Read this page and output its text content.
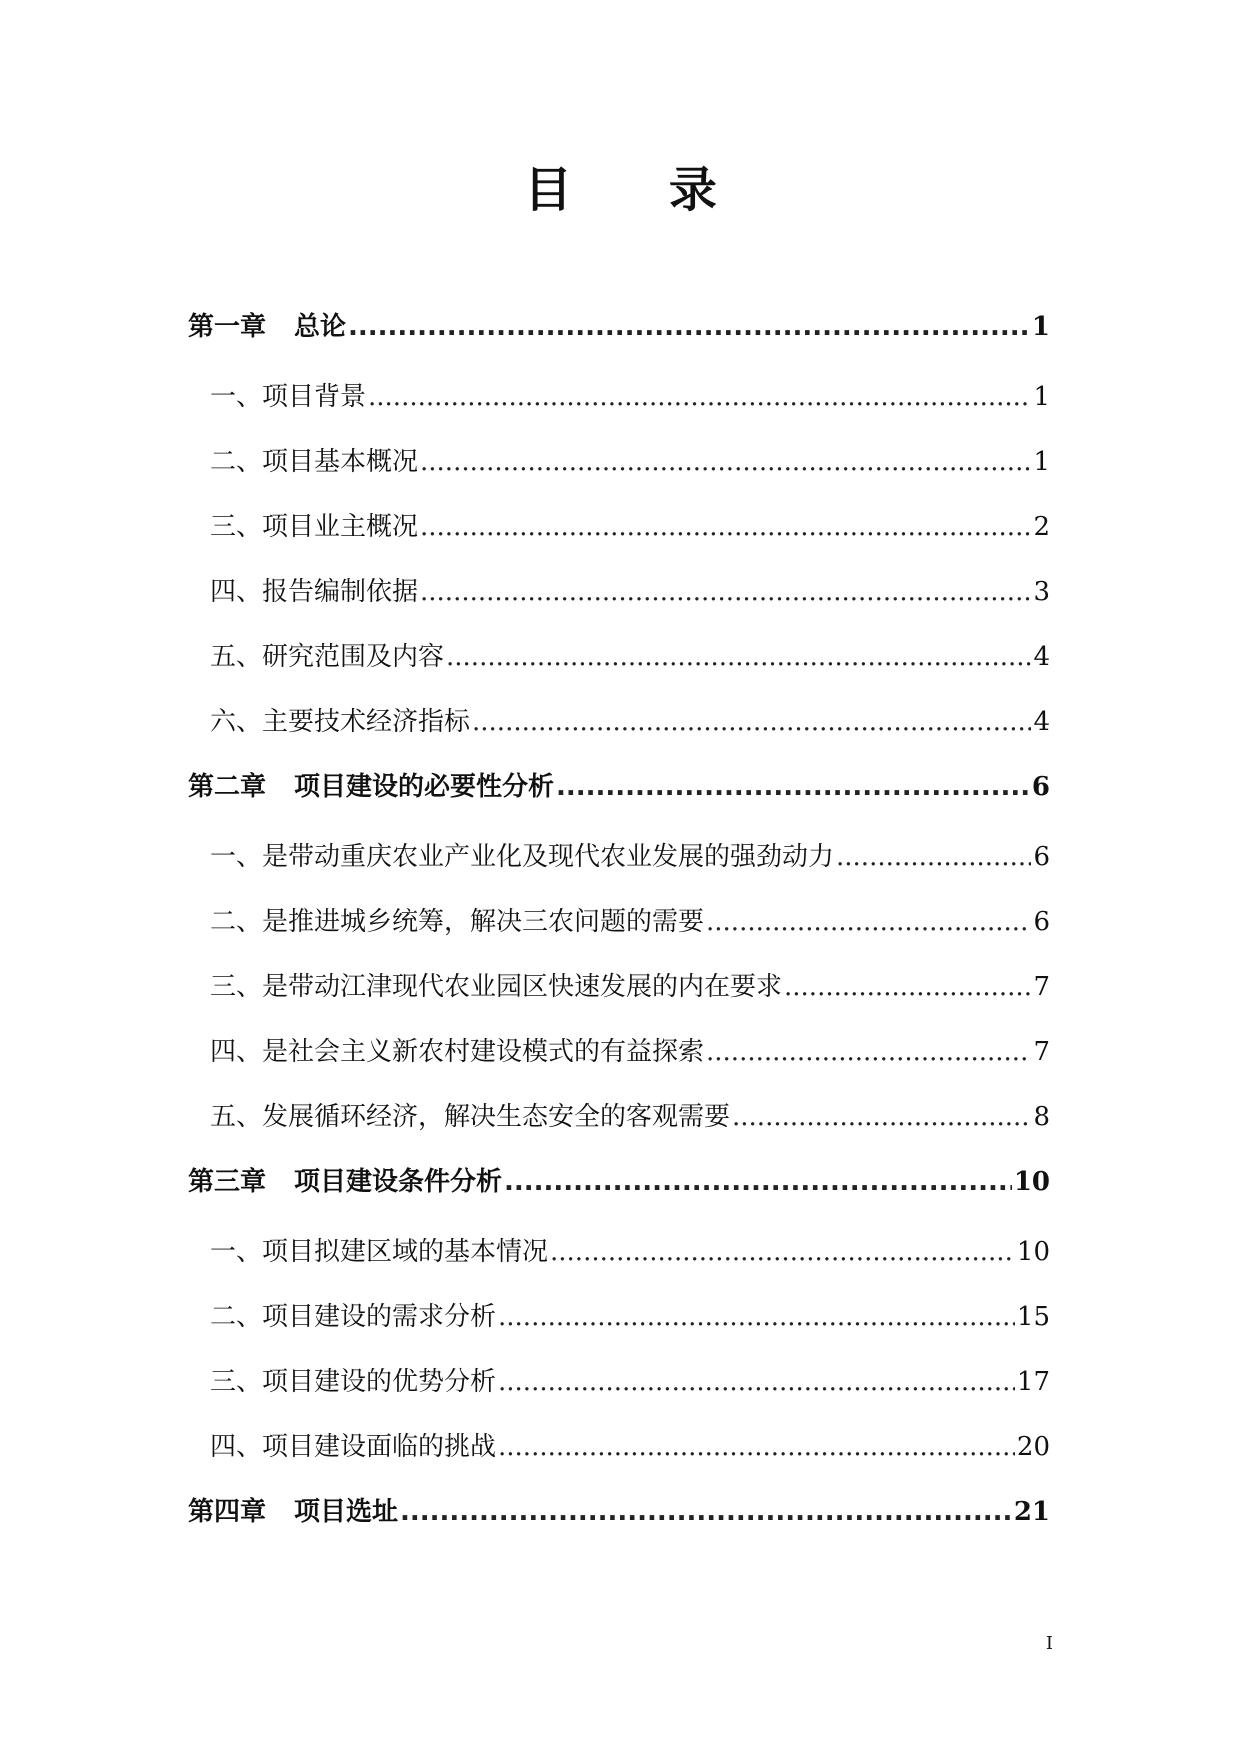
目 录
第一章 总论 .....	1
一、项目背景 .....	1
二、项目基本概况 .....	1
三、项目业主概况 .....	2
四、报告编制依据 .....	3
五、研究范围及内容 .....	4
六、主要技术经济指标 .....	4
第二章 项目建设的必要性分析 .....	6
一、是带动重庆农业产业化及现代农业发展的强劲动力 .....	6
二、是推进城乡统筹，解决三农问题的需要 .....	6
三、是带动江津现代农业园区快速发展的内在要求 .....	7
四、是社会主义新农村建设模式的有益探索 .....	7
五、发展循环经济，解决生态安全的客观需要 .....	8
第三章 项目建设条件分析 .....	10
一、项目拟建区域的基本情况 .....	10
二、项目建设的需求分析 .....	15
三、项目建设的优势分析 .....	17
四、项目建设面临的挑战 .....	20
第四章 项目选址 .....	21
I
